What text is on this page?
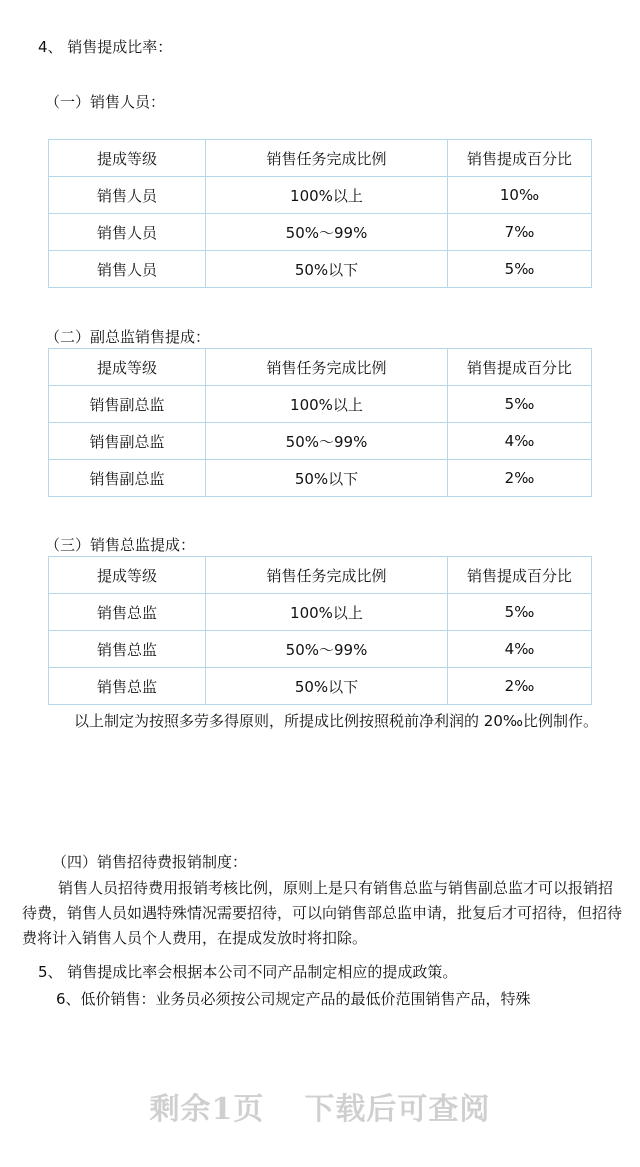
4、 销售提成比率：
（一）销售人员：
提成等级	销售任务完成比例	销售提成百分比
销售人员	100%以上	10‰
销售人员	50%～99%	7‰
销售人员	50%以下	5‰
（二）副总监销售提成：
提成等级	销售任务完成比例	销售提成百分比
销售副总监	100%以上	5‰
销售副总监	50%～99%	4‰
销售副总监	50%以下	2‰
（三）销售总监提成：
提成等级	销售任务完成比例	销售提成百分比
销售总监	100%以上	5‰
销售总监	50%～99%	4‰
销售总监	50%以下	2‰
以上制定为按照多劳多得原则，所提成比例按照税前净利润的 20‰比例制作。
（四）销售招待费报销制度：
销售人员招待费用报销考核比例，原则上是只有销售总监与销售副总监才可以报销招待费，销售人员如遇特殊情况需要招待，可以向销售部总监申请，批复后才可招待，但招待费将计入销售人员个人费用，在提成发放时将扣除。
5、 销售提成比率会根据本公司不同产品制定相应的提成政策。
6、低价销售：业务员必须按公司规定产品的最低价范围销售产品，特殊
剩余1页 下载后可查阅
